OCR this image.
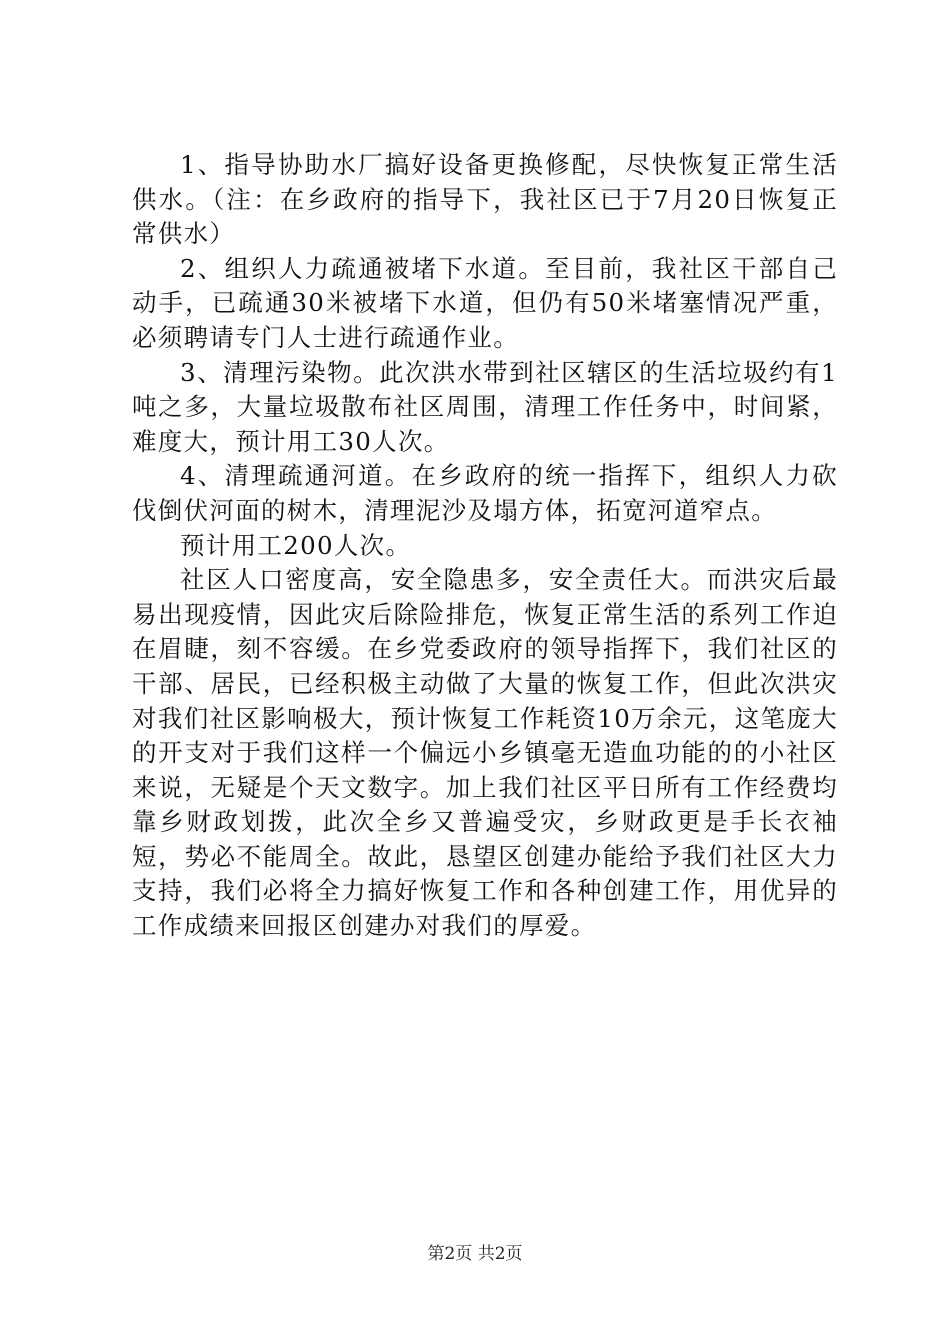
1、指导协助水厂搞好设备更换修配，尽快恢复正常生活供水。（注：在乡政府的指导下，我社区已于7月20日恢复正常供水）

2、组织人力疏通被堵下水道。至目前，我社区干部自己动手，已疏通30米被堵下水道，但仍有50米堵塞情况严重，必须聘请专门人士进行疏通作业。

3、清理污染物。此次洪水带到社区辖区的生活垃圾约有1吨之多，大量垃圾散布社区周围，清理工作任务中，时间紧，难度大，预计用工30人次。

4、清理疏通河道。在乡政府的统一指挥下，组织人力砍伐倒伏河面的树木，清理泥沙及塌方体，拓宽河道窄点。

预计用工200人次。

社区人口密度高，安全隐患多，安全责任大。而洪灾后最易出现疫情，因此灾后除险排危，恢复正常生活的系列工作迫在眉睫，刻不容缓。在乡党委政府的领导指挥下，我们社区的干部、居民，已经积极主动做了大量的恢复工作，但此次洪灾对我们社区影响极大，预计恢复工作耗资10万余元，这笔庞大的开支对于我们这样一个偏远小乡镇毫无造血功能的的小社区来说，无疑是个天文数字。加上我们社区平日所有工作经费均靠乡财政划拨，此次全乡又普遍受灾，乡财政更是手长衣袖短，势必不能周全。故此，恳望区创建办能给予我们社区大力支持，我们必将全力搞好恢复工作和各种创建工作，用优异的工作成绩来回报区创建办对我们的厚爱。

第2页 共2页
